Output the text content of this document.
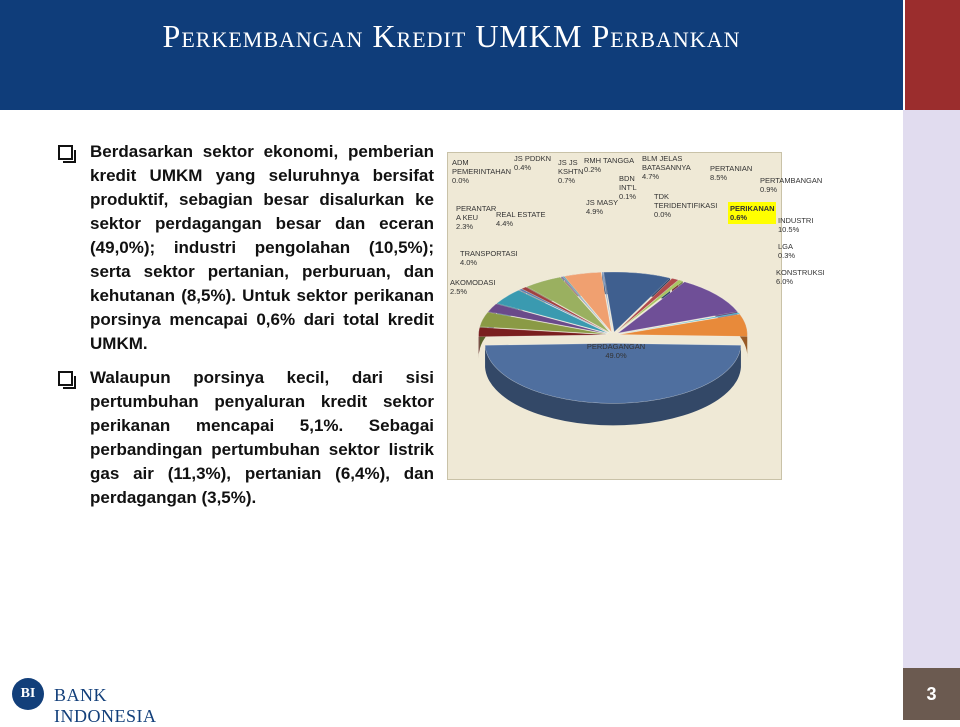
Perkembangan Kredit UMKM Perbankan
Berdasarkan sektor ekonomi, pemberian kredit UMKM yang seluruhnya bersifat produktif, sebagian besar disalurkan ke sektor perdagangan besar dan eceran (49,0%); industri pengolahan (10,5%); serta sektor pertanian, perburuan, dan kehutanan (8,5%). Untuk sektor perikanan porsinya mencapai 0,6% dari total kredit UMKM.
Walaupun porsinya kecil, dari sisi pertumbuhan penyaluran kredit sektor perikanan mencapai 5,1%. Sebagai perbandingan pertumbuhan sektor listrik gas air (11,3%), pertanian (6,4%), dan perdagangan (3,5%).
PERDAGANGAN
49.0%
AKOMODASI
2.5%
TRANSPORTASI
4.0%
PERANTAR
A KEU
2.3%
REAL ESTATE
4.4%
ADM
PEMERINTAHAN
0.0%
JS PDDKN
0.4%
JS JS
KSHTN
0.7%
JS MASY
4.9%
RMH TANGGA
0.2%
BDN
INT'L
0.1%
BLM JELAS
BATASANNYA
4.7%
TDK
TERIDENTIFIKASI
0.0%
PERTANIAN
8.5%	PERTAMBANGAN
0.9%
PERIKANAN
0.6%	INDUSTRI
10.5%
LGA
0.3%
KONSTRUKSI
6.0%
BI	BANK INDONESIA
3
